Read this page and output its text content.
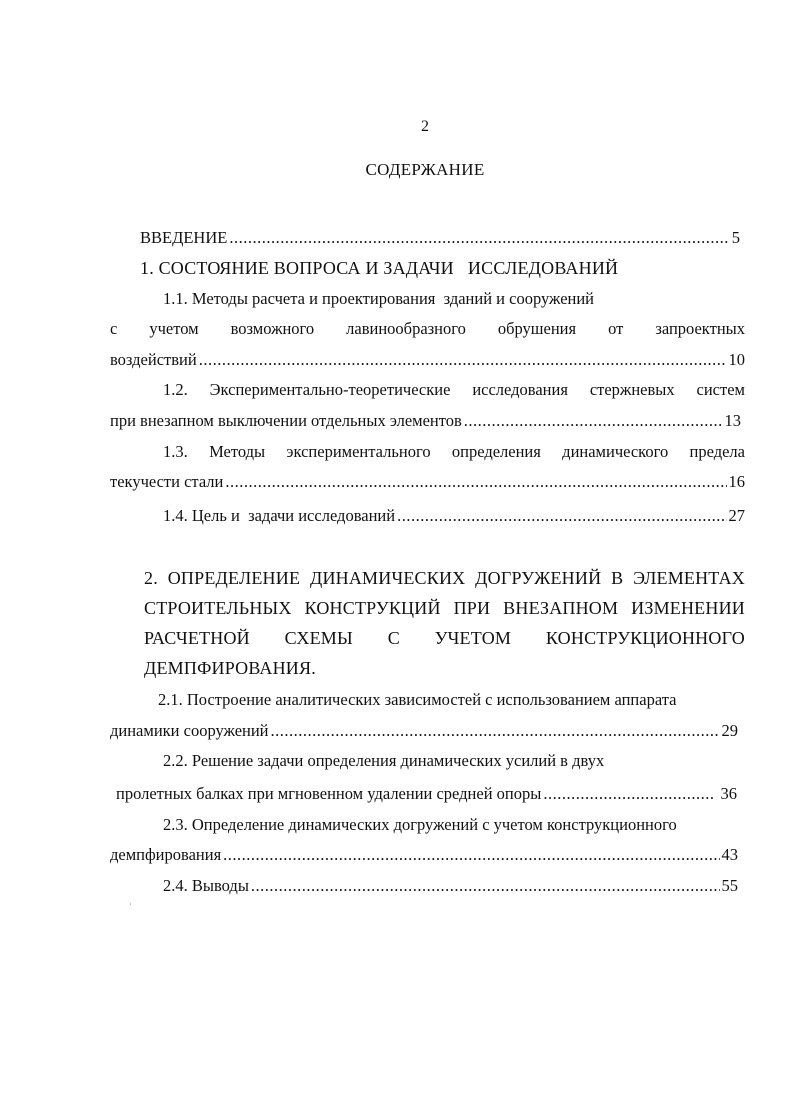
2
СОДЕРЖАНИЕ
ВВЕДЕНИЕ .....	5
1. СОСТОЯНИЕ ВОПРОСА И ЗАДАЧИ   ИССЛЕДОВАНИЙ
1.1. Методы расчета и проектирования  зданий и сооружений
с учетом возможного лавинообразного обрушения от запроектных
воздействий .....	10
1.2. Экспериментально-теоретические исследования стержневых систем
при внезапном выключении отдельных элементов .....	13
1.3. Методы экспериментального определения динамического предела
текучести стали .....	16
1.4. Цель и  задачи исследований .....	27
2. ОПРЕДЕЛЕНИЕ ДИНАМИЧЕСКИХ ДОГРУЖЕНИЙ В ЭЛЕМЕНТАХ
СТРОИТЕЛЬНЫХ КОНСТРУКЦИЙ ПРИ ВНЕЗАПНОМ ИЗМЕНЕНИИ
РАСЧЕТНОЙ СХЕМЫ С УЧЕТОМ КОНСТРУКЦИОННОГО
ДЕМПФИРОВАНИЯ.
2.1. Построение аналитических зависимостей с использованием аппарата
динамики сооружений .....	29
2.2. Решение задачи определения динамических усилий в двух
пролетных балках при мгновенном удалении средней опоры .....	36
2.3. Определение динамических догружений с учетом конструкционного
демпфирования .....	43
2.4. Выводы .....	55
·
